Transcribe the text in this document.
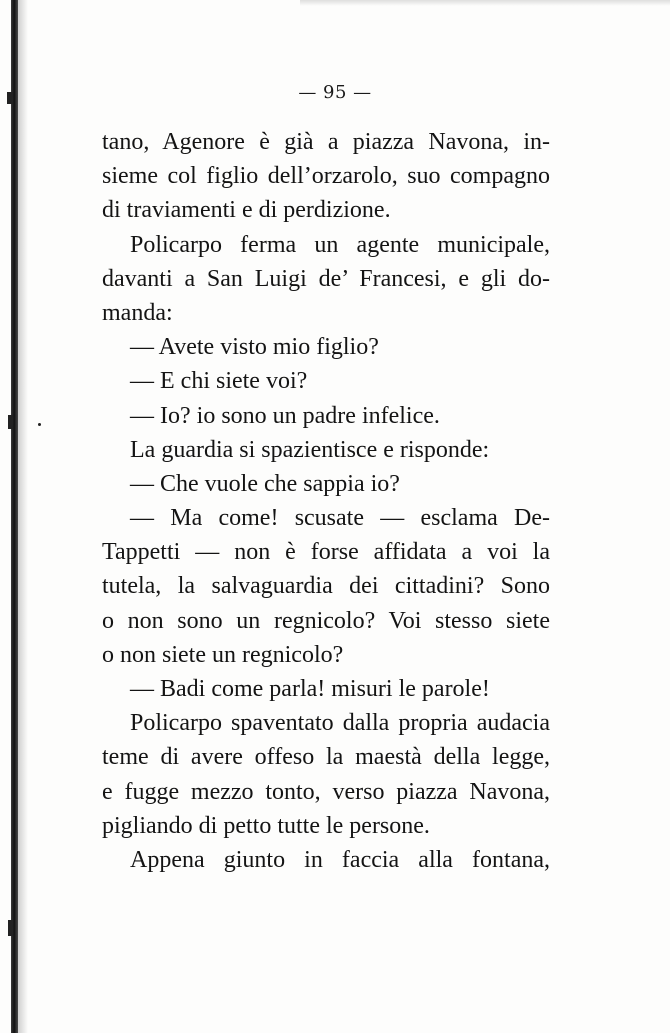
— 95 —
tano, Agenore è già a piazza Navona, in-
sieme col figlio dell’orzarolo, suo compagno
di traviamenti e di perdizione.
Policarpo ferma un agente municipale,
davanti a San Luigi de’ Francesi, e gli do-
manda:
— Avete visto mio figlio?
— E chi siete voi?
— Io? io sono un padre infelice.
La guardia si spazientisce e risponde:
— Che vuole che sappia io?
— Ma come! scusate — esclama De-
Tappetti — non è forse affidata a voi la
tutela, la salvaguardia dei cittadini? Sono
o non sono un regnicolo? Voi stesso siete
o non siete un regnicolo?
— Badi come parla! misuri le parole!
Policarpo spaventato dalla propria audacia
teme di avere offeso la maestà della legge,
e fugge mezzo tonto, verso piazza Navona,
pigliando di petto tutte le persone.
Appena giunto in faccia alla fontana,
